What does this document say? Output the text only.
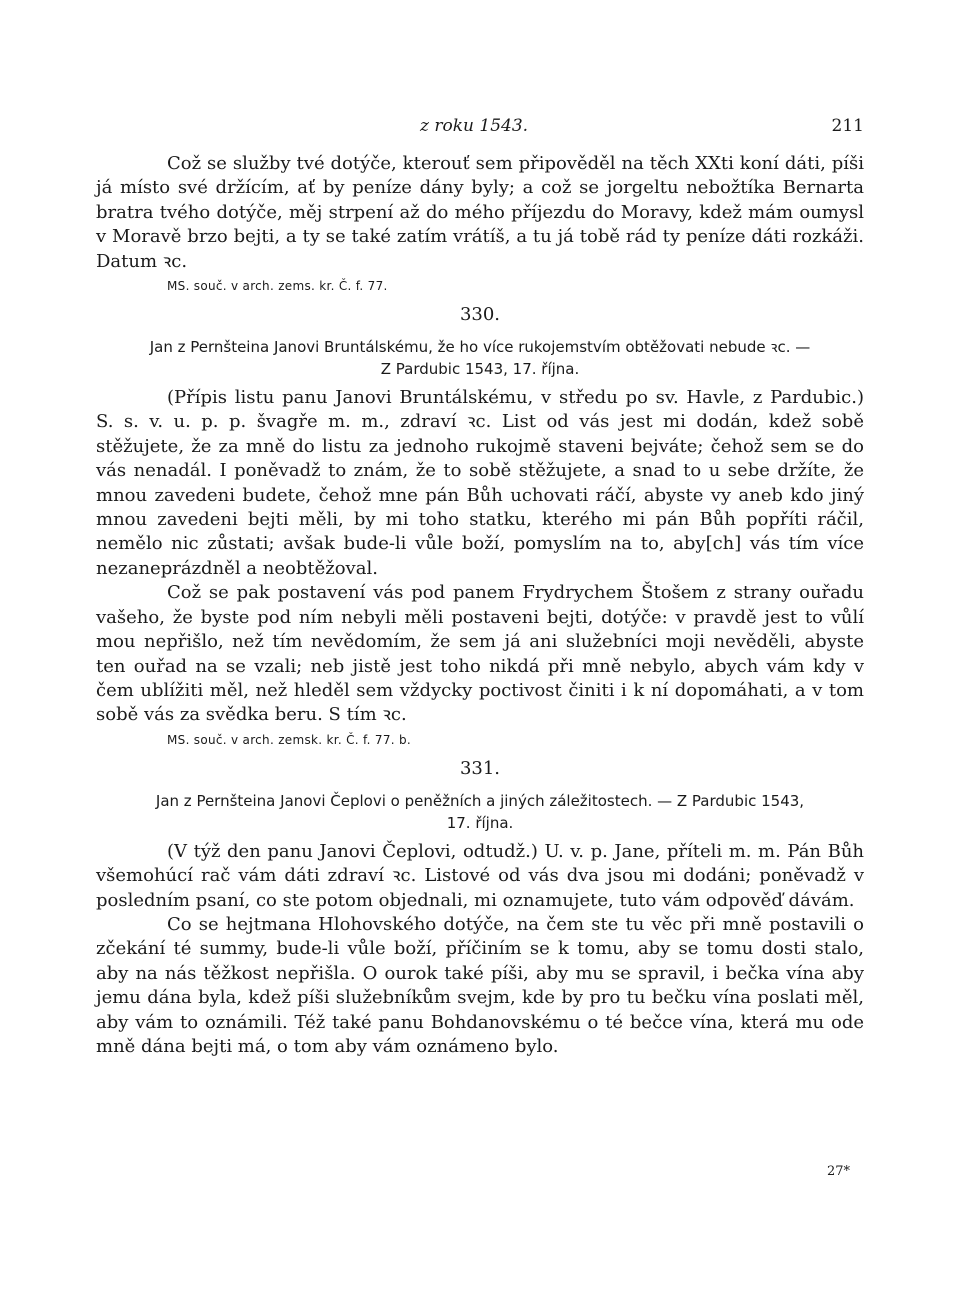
z roku 1543.	211

Což se služby tvé dotýče, kterouť sem připověděl na těch XXti koní dáti, píši já místo své držícím, ať by peníze dány byly; a což se jorgeltu nebožtíka Bernarta bratra tvého dotýče, měj strpení až do mého příjezdu do Moravy, kdež mám oumysl v Moravě brzo bejti, a ty se také zatím vrátíš, a tu já tobě rád ty peníze dáti rozkáži. Datum ꝛc.

MS. souč. v arch. zems. kr. Č. f. 77.
330.
Jan z Pernšteina Janovi Bruntálskému, že ho více rukojemstvím obtěžovati nebude ꝛc. —
Z Pardubic 1543, 17. října.

(Přípis listu panu Janovi Bruntálskému, v středu po sv. Havle, z Pardubic.) S. s. v. u. p. p. švagře m. m., zdraví ꝛc. List od vás jest mi dodán, kdež sobě stěžujete, že za mně do listu za jednoho rukojmě staveni bejváte; čehož sem se do vás nenadál. I poněvadž to znám, že to sobě stěžujete, a snad to u sebe držíte, že mnou zavedeni budete, čehož mne pán Bůh uchovati ráčí, abyste vy aneb kdo jiný mnou zavedeni bejti měli, by mi toho statku, kterého mi pán Bůh popříti ráčil, nemělo nic zůstati; avšak bude-li vůle boží, pomyslím na to, aby[ch] vás tím více nezaneprázdněl a neobtěžoval.

Což se pak postavení vás pod panem Frydrychem Štošem z strany ouřadu vašeho, že byste pod ním nebyli měli postaveni bejti, dotýče: v pravdě jest to vůlí mou nepřišlo, než tím nevědomím, že sem já ani služebníci moji nevěděli, abyste ten ouřad na se vzali; neb jistě jest toho nikdá při mně nebylo, abych vám kdy v čem ublížiti měl, než hleděl sem vždycky poctivost činiti i k ní dopomáhati, a v tom sobě vás za svědka beru. S tím ꝛc.

MS. souč. v arch. zemsk. kr. Č. f. 77. b.
331.
Jan z Pernšteina Janovi Čeplovi o peněžních a jiných záležitostech. — Z Pardubic 1543,
17. října.

(V týž den panu Janovi Čeplovi, odtudž.) U. v. p. Jane, příteli m. m. Pán Bůh všemohúcí rač vám dáti zdraví ꝛc. Listové od vás dva jsou mi dodáni; poněvadž v posledním psaní, co ste potom objednali, mi oznamujete, tuto vám odpověď dávám.

Co se hejtmana Hlohovského dotýče, na čem ste tu věc při mně postavili o zčekání té summy, bude-li vůle boží, příčiním se k tomu, aby se tomu dosti stalo, aby na nás těžkost nepřišla. O ourok také píši, aby mu se spravil, i bečka vína aby jemu dána byla, kdež píši služebníkům svejm, kde by pro tu bečku vína poslati měl, aby vám to oznámili. Též také panu Bohdanovskému o té bečce vína, která mu ode mně dána bejti má, o tom aby vám oznámeno bylo.

27*
